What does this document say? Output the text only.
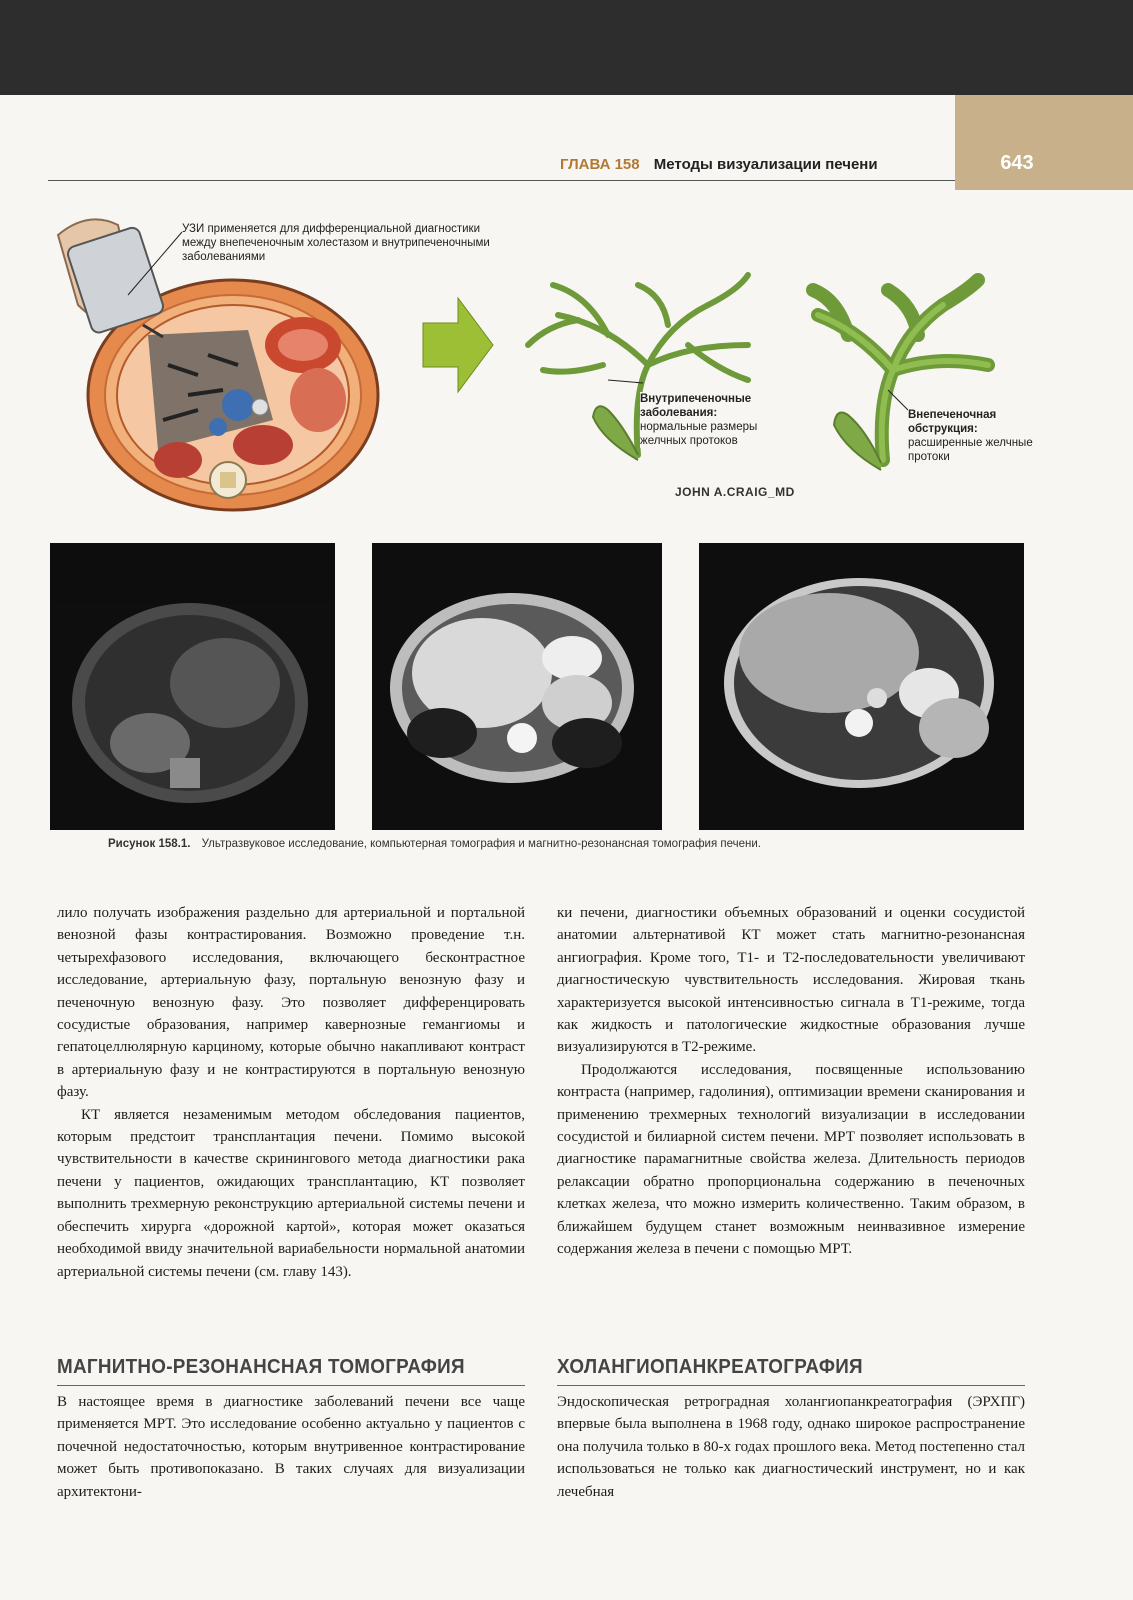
643
ГЛАВА 158 Методы визуализации печени
УЗИ применяется для дифференциальной диагностики между внепеченочным холестазом и внутрипеченочными заболеваниями
Внутрипеченочные заболевания:
нормальные размеры желчных протоков
Внепеченочная обструкция:
расширенные желчные протоки
JOHN A.CRAIG_MD
Рисунок 158.1. Ультразвуковое исследование, компьютерная томография и магнитно-резонансная томография печени.

лило получать изображения раздельно для артериальной и портальной венозной фазы контрастирования. Возможно проведение т.н. четырехфазового исследования, включающего бесконтрастное исследование, артериальную фазу, портальную венозную фазу и печеночную венозную фазу. Это позволяет дифференцировать сосудистые образования, например кавернозные гемангиомы и гепатоцеллюлярную карциному, которые обычно накапливают контраст в артериальную фазу и не контрастируются в портальную венозную фазу.

КТ является незаменимым методом обследования пациентов, которым предстоит трансплантация печени. Помимо высокой чувствительности в качестве скринингового метода диагностики рака печени у пациентов, ожидающих трансплантацию, КТ позволяет выполнить трехмерную реконструкцию артериальной системы печени и обеспечить хирурга «дорожной картой», которая может оказаться необходимой ввиду значительной вариабельности нормальной анатомии артериальной системы печени (см. главу 143).

МАГНИТНО-РЕЗОНАНСНАЯ ТОМОГРАФИЯ

В настоящее время в диагностике заболеваний печени все чаще применяется МРТ. Это исследование особенно актуально у пациентов с почечной недостаточностью, которым внутривенное контрастирование может быть противопоказано. В таких случаях для визуализации архитектони-

ки печени, диагностики объемных образований и оценки сосудистой анатомии альтернативой КТ может стать магнитно-резонансная ангиография. Кроме того, Т1- и Т2-последовательности увеличивают диагностическую чувствительность исследования. Жировая ткань характеризуется высокой интенсивностью сигнала в Т1-режиме, тогда как жидкость и патологические жидкостные образования лучше визуализируются в Т2-режиме.

Продолжаются исследования, посвященные использованию контраста (например, гадолиния), оптимизации времени сканирования и применению трехмерных технологий визуализации в исследовании сосудистой и билиарной систем печени. МРТ позволяет использовать в диагностике парамагнитные свойства железа. Длительность периодов релаксации обратно пропорциональна содержанию в печеночных клетках железа, что можно измерить количественно. Таким образом, в ближайшем будущем станет возможным неинвазивное измерение содержания железа в печени с помощью МРТ.

ХОЛАНГИОПАНКРЕАТОГРАФИЯ

Эндоскопическая ретроградная холангиопанкреатография (ЭРХПГ) впервые была выполнена в 1968 году, однако широкое распространение она получила только в 80-х годах прошлого века. Метод постепенно стал использоваться не только как диагностический инструмент, но и как лечебная
